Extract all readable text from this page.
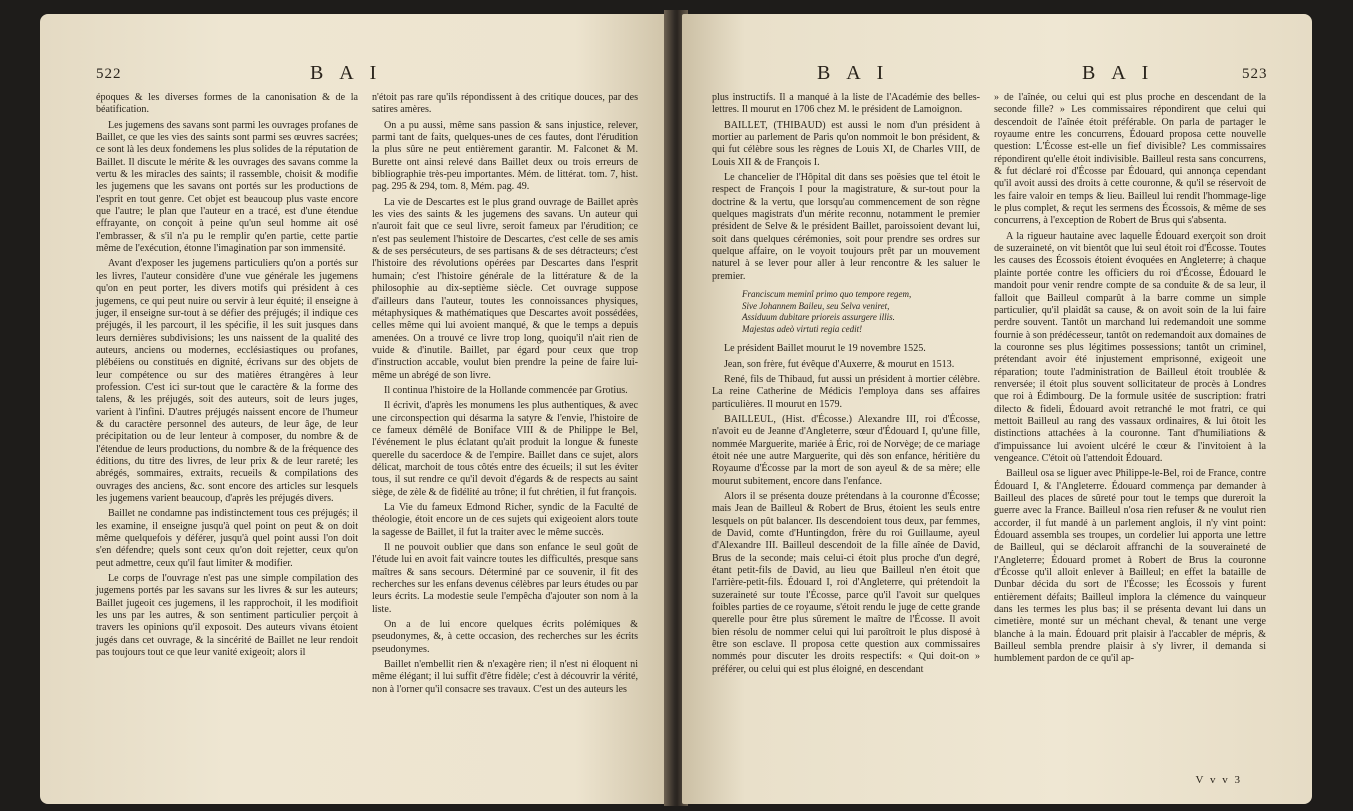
522	B A I

époques & les diverses formes de la canonisation & de la béatification.

Les jugemens des savans sont parmi les ouvrages profanes de Baillet, ce que les vies des saints sont parmi ses œuvres sacrées; ce sont là les deux fondemens les plus solides de la réputation de Baillet. Il discute le mérite & les ouvrages des savans comme la vertu & les miracles des saints; il rassemble, choisit & modifie les jugemens que les savans ont portés sur les productions de l'esprit en tout genre. Cet objet est beaucoup plus vaste encore que l'autre; le plan que l'auteur en a tracé, est d'une étendue effrayante, on conçoit à peine qu'un seul homme ait osé l'embrasser, & s'il n'a pu le remplir qu'en partie, cette partie même de l'exécution, étonne l'imagination par son immensité.

Avant d'exposer les jugemens particuliers qu'on a portés sur les livres, l'auteur considère d'une vue générale les jugemens qu'on en peut porter, les divers motifs qui président à ces jugemens, ce qui peut nuire ou servir à leur équité; il enseigne à juger, il enseigne sur-tout à se défier des préjugés; il indique ces préjugés, il les parcourt, il les spécifie, il les suit jusques dans leurs dernières subdivisions; les uns naissent de la qualité des auteurs, anciens ou modernes, ecclésiastiques ou profanes, plébéiens ou constitués en dignité, écrivans sur des objets de leur compétence ou sur des matières étrangères à leur profession. C'est ici sur-tout que le caractère & la forme des talens, & les préjugés, soit des auteurs, soit de leurs juges, varient à l'infini. D'autres préjugés naissent encore de l'humeur & du caractère personnel des auteurs, de leur âge, de leur précipitation ou de leur lenteur à composer, du nombre & de l'étendue de leurs productions, du nombre & de la fréquence des éditions, du titre des livres, de leur prix & de leur rareté; les abrégés, sommaires, extraits, recueils & compilations des ouvrages des anciens, &c. sont encore des articles sur lesquels les jugemens varient beaucoup, d'après les préjugés divers.

Baillet ne condamne pas indistinctement tous ces préjugés; il les examine, il enseigne jusqu'à quel point on peut & on doit même quelquefois y déférer, jusqu'à quel point aussi l'on doit s'en défendre; quels sont ceux qu'on doit rejetter, ceux qu'on peut admettre, ceux qu'il faut limiter & modifier.

Le corps de l'ouvrage n'est pas une simple compilation des jugemens portés par les savans sur les livres & sur les auteurs; Baillet jugeoit ces jugemens, il les rapprochoit, il les modifioit les uns par les autres, & son sentiment particulier perçoit à travers les opinions qu'il exposoit. Des auteurs vivans étoient jugés dans cet ouvrage, & la sincérité de Baillet ne leur rendoit pas toujours tout ce que leur vanité exigeoit; alors il

n'étoit pas rare qu'ils répondissent à des critique douces, par des satires amères.

On a pu aussi, même sans passion & sans injustice, relever, parmi tant de faits, quelques-unes de ces fautes, dont l'érudition la plus sûre ne peut entièrement garantir. M. Falconet & M. Burette ont ainsi relevé dans Baillet deux ou trois erreurs de bibliographie très-peu importantes. Mém. de littérat. tom. 7, hist. pag. 295 & 294, tom. 8, Mém. pag. 49.

La vie de Descartes est le plus grand ouvrage de Baillet après les vies des saints & les jugemens des savans. Un auteur qui n'auroit fait que ce seul livre, seroit fameux par l'érudition; ce n'est pas seulement l'histoire de Descartes, c'est celle de ses amis & de ses persécuteurs, de ses partisans & de ses détracteurs; c'est l'histoire des révolutions opérées par Descartes dans l'esprit humain; c'est l'histoire générale de la littérature & de la philosophie au dix-septième siècle. Cet ouvrage suppose d'ailleurs dans l'auteur, toutes les connoissances physiques, métaphysiques & mathématiques que Descartes avoit possédées, celles même qui lui avoient manqué, & que le temps a depuis amenées. On a trouvé ce livre trop long, quoiqu'il n'ait rien de vuide & d'inutile. Baillet, par égard pour ceux que trop d'instruction accable, voulut bien prendre la peine de faire lui-même un abrégé de son livre.

Il continua l'histoire de la Hollande commencée par Grotius.

Il écrivit, d'après les monumens les plus authentiques, & avec une circonspection qui désarma la satyre & l'envie, l'histoire de ce fameux démêlé de Boniface VIII & de Philippe le Bel, l'événement le plus éclatant qu'ait produit la longue & funeste querelle du sacerdoce & de l'empire. Baillet dans ce sujet, alors délicat, marchoit de tous côtés entre des écueils; il sut les éviter tous, il sut rendre ce qu'il devoit d'égards & de respects au saint siège, de zèle & de fidélité au trône; il fut chrétien, il fut françois.

La Vie du fameux Edmond Richer, syndic de la Faculté de théologie, étoit encore un de ces sujets qui exigeoient alors toute la sagesse de Baillet, il fut la traiter avec le même succès.

Il ne pouvoit oublier que dans son enfance le seul goût de l'étude lui en avoit fait vaincre toutes les difficultés, presque sans maîtres & sans secours. Déterminé par ce souvenir, il fit des recherches sur les enfans devenus célèbres par leurs études ou par leurs écrits. La modestie seule l'empêcha d'ajouter son nom à la liste.

On a de lui encore quelques écrits polémiques & pseudonymes, &, à cette occasion, des recherches sur les écrits pseudonymes.

Baillet n'embellit rien & n'exagère rien; il n'est ni éloquent ni même élégant; il lui suffit d'être fidèle; c'est à découvrir la vérité, non à l'orner qu'il consacre ses travaux. C'est un des auteurs les

B A I	B A I	523

plus instructifs. Il a manqué à la liste de l'Académie des belles-lettres. Il mourut en 1706 chez M. le président de Lamoignon.

BAILLET, (THIBAUD) est aussi le nom d'un président à mortier au parlement de Paris qu'on nommoit le bon président, & qui fut célèbre sous les règnes de Louis XI, de Charles VIII, de Louis XII & de François I.

Le chancelier de l'Hôpital dit dans ses poësies que tel étoit le respect de François I pour la magistrature, & sur-tout pour la doctrine & la vertu, que lorsqu'au commencement de son règne quelques magistrats d'un mérite reconnu, notamment le premier président de Selve & le président Baillet, paroissoient devant lui, soit dans quelques cérémonies, soit pour prendre ses ordres sur quelque affaire, on le voyoit toujours prêt par un mouvement naturel à se lever pour aller à leur rencontre & les saluer le premier.

Franciscum meminî primo quo tempore regem,
Sive Johannem Baileu, seu Selva veniret,
Assiduum dubitare prioreis assurgere illis.
Majestas adeò virtuti regia cedit!

Le président Baillet mourut le 19 novembre 1525.

Jean, son frère, fut évêque d'Auxerre, & mourut en 1513.

René, fils de Thibaud, fut aussi un président à mortier célèbre. La reine Catherine de Médicis l'employa dans ses affaires particulières. Il mourut en 1579.

BAILLEUL, (Hist. d'Écosse.) Alexandre III, roi d'Écosse, n'avoit eu de Jeanne d'Angleterre, sœur d'Édouard I, qu'une fille, nommée Marguerite, mariée à Éric, roi de Norvège; de ce mariage étoit née une autre Marguerite, qui dès son enfance, héritière du Royaume d'Écosse par la mort de son ayeul & de sa mère; elle mourut subitement, encore dans l'enfance.

Alors il se présenta douze prétendans à la couronne d'Écosse; mais Jean de Bailleul & Robert de Brus, étoient les seuls entre lesquels on pût balancer. Ils descendoient tous deux, par femmes, de David, comte d'Huntingdon, frère du roi Guillaume, ayeul d'Alexandre III. Bailleul descendoit de la fille aînée de David, Brus de la seconde; mais celui-ci étoit plus proche d'un degré, étant petit-fils de David, au lieu que Bailleul n'en étoit que l'arrière-petit-fils. Édouard I, roi d'Angleterre, qui prétendoit la suzeraineté sur toute l'Écosse, parce qu'il l'avoit sur quelques foibles parties de ce royaume, s'étoit rendu le juge de cette grande querelle pour être plus sûrement le maître de l'Écosse. Il avoit bien résolu de nommer celui qui lui paroîtroit le plus disposé à être son esclave. Il proposa cette question aux commissaires nommés pour discuter les droits respectifs: « Qui doit-on » préférer, ou celui qui est plus éloigné, en descendant

» de l'aînée, ou celui qui est plus proche en descendant de la seconde fille? » Les commissaires répondirent que celui qui descendoit de l'aînée étoit préférable. On parla de partager le royaume entre les concurrens, Édouard proposa cette nouvelle question: L'Écosse est-elle un fief divisible? Les commissaires répondirent qu'elle étoit indivisible. Bailleul resta sans concurrens, & fut déclaré roi d'Écosse par Édouard, qui annonça cependant qu'il avoit aussi des droits à cette couronne, & qu'il se réservoit de les faire valoir en temps & lieu. Bailleul lui rendit l'hommage-lige le plus complet, & reçut les sermens des Écossois, & même de ses concurrens, à l'exception de Robert de Brus qui s'absenta.

A la rigueur hautaine avec laquelle Édouard exerçoit son droit de suzeraineté, on vit bientôt que lui seul étoit roi d'Écosse. Toutes les causes des Écossois étoient évoquées en Angleterre; à chaque plainte portée contre les officiers du roi d'Écosse, Édouard le mandoit pour venir rendre compte de sa conduite & de sa leur, il falloit que Bailleul comparût à la barre comme un simple particulier, qu'il plaidât sa cause, & on avoit soin de la lui faire perdre souvent. Tantôt un marchand lui redemandoit une somme fournie à son prédécesseur, tantôt on redemandoit aux domaines de la couronne ses plus légitimes possessions; tantôt un criminel, prétendant avoir été injustement emprisonné, exigeoit une réparation; toute l'administration de Bailleul étoit troublée & renversée; il étoit plus souvent sollicitateur de procès à Londres que roi à Édimbourg. De la formule usitée de suscription: fratri dilecto & fideli, Édouard avoit retranché le mot fratri, ce qui mettoit Bailleul au rang des vassaux ordinaires, & lui ôtoit les distinctions attachées à la couronne. Tant d'humiliations & d'impuissance lui avoient ulcéré le cœur & l'invitoient à la vengeance. C'étoit où l'attendoit Édouard.

Bailleul osa se liguer avec Philippe-le-Bel, roi de France, contre Édouard I, & l'Angleterre. Édouard commença par demander à Bailleul des places de sûreté pour tout le temps que dureroit la guerre avec la France. Bailleul n'osa rien refuser & ne voulut rien accorder, il fut mandé à un parlement anglois, il n'y vint point: Édouard assembla ses troupes, un cordelier lui apporta une lettre de Bailleul, qui se déclaroit affranchi de la souveraineté de l'Angleterre; Édouard promet à Robert de Brus la couronne d'Écosse qu'il alloit enlever à Bailleul; en effet la bataille de Dunbar décida du sort de l'Écosse; les Écossois y furent entièrement défaits; Bailleul implora la clémence du vainqueur dans les termes les plus bas; il se présenta devant lui dans un cimetière, monté sur un méchant cheval, & tenant une verge blanche à la main. Édouard prit plaisir à l'accabler de mépris, & Bailleul sembla prendre plaisir à s'y livrer, il demanda si humblement pardon de ce qu'il ap-

V v v 3
